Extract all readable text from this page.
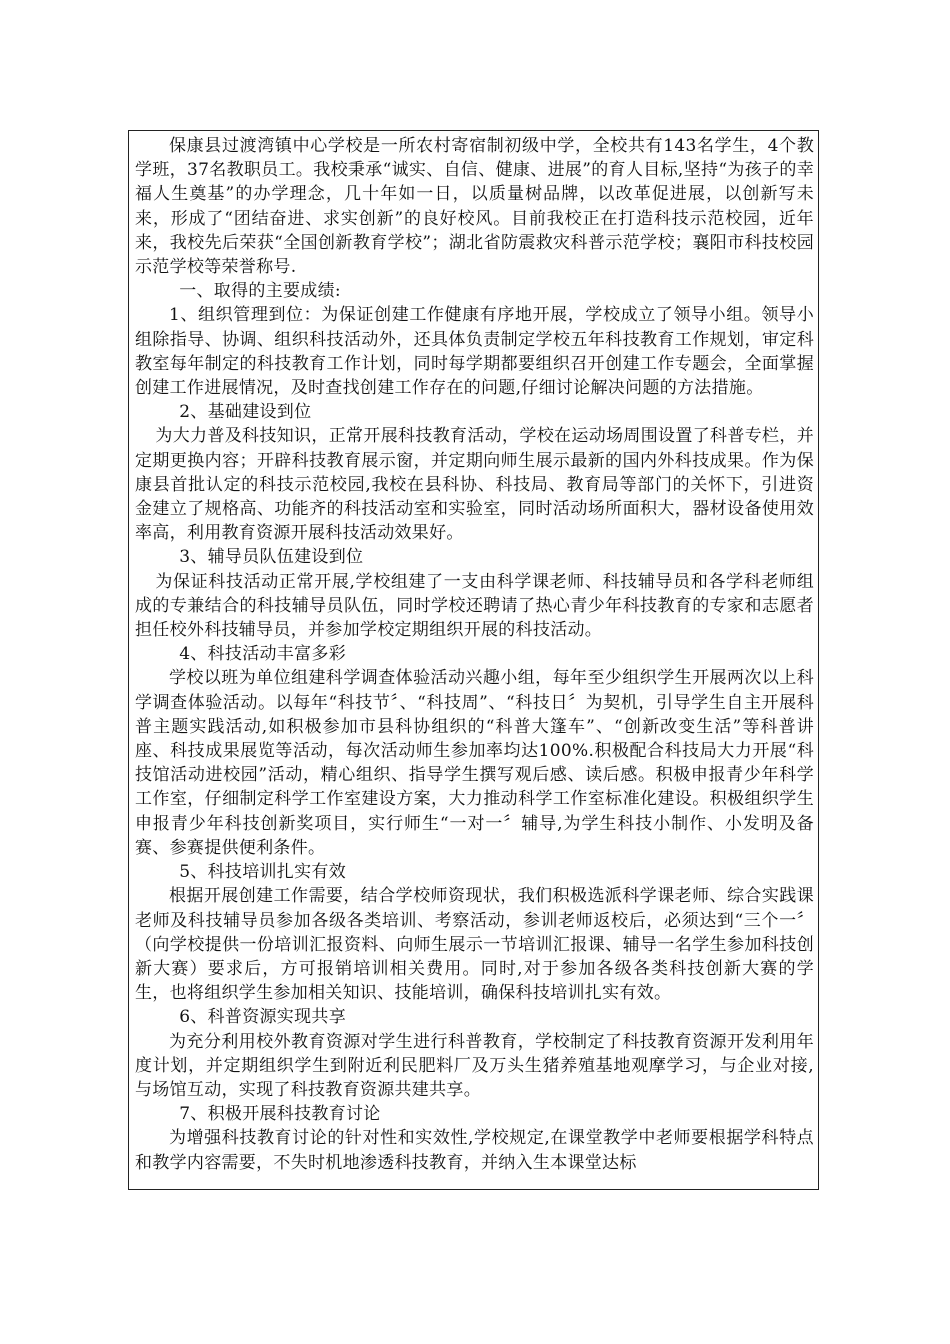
保康县过渡湾镇中心学校是一所农村寄宿制初级中学，全校共有143名学生，4个教学班，37名教职员工。我校秉承“诚实、自信、健康、进展”的育人目标,坚持“为孩子的幸福人生奠基”的办学理念，几十年如一日，以质量树品牌，以改革促进展，以创新写未来，形成了“团结奋进、求实创新”的良好校风。目前我校正在打造科技示范校园，近年来，我校先后荣获“全国创新教育学校”；湖北省防震救灾科普示范学校；襄阳市科技校园示范学校等荣誉称号.

一、取得的主要成绩:

1、组织管理到位：为保证创建工作健康有序地开展，学校成立了领导小组。领导小组除指导、协调、组织科技活动外，还具体负责制定学校五年科技教育工作规划，审定科教室每年制定的科技教育工作计划，同时每学期都要组织召开创建工作专题会，全面掌握创建工作进展情况，及时查找创建工作存在的问题,仔细讨论解决问题的方法措施。

2、基础建设到位

为大力普及科技知识，正常开展科技教育活动，学校在运动场周围设置了科普专栏，并定期更换内容；开辟科技教育展示窗，并定期向师生展示最新的国内外科技成果。作为保康县首批认定的科技示范校园,我校在县科协、科技局、教育局等部门的关怀下，引进资金建立了规格高、功能齐的科技活动室和实验室，同时活动场所面积大，器材设备使用效率高，利用教育资源开展科技活动效果好。

3、辅导员队伍建设到位

为保证科技活动正常开展,学校组建了一支由科学课老师、科技辅导员和各学科老师组成的专兼结合的科技辅导员队伍，同时学校还聘请了热心青少年科技教育的专家和志愿者担任校外科技辅导员，并参加学校定期组织开展的科技活动。

4、科技活动丰富多彩

学校以班为单位组建科学调查体验活动兴趣小组，每年至少组织学生开展两次以上科学调查体验活动。以每年“科技节〞、“科技周”、“科技日〞为契机，引导学生自主开展科普主题实践活动,如积极参加市县科协组织的“科普大篷车”、“创新改变生活”等科普讲座、科技成果展览等活动，每次活动师生参加率均达100%.积极配合科技局大力开展“科技馆活动进校园”活动，精心组织、指导学生撰写观后感、读后感。积极申报青少年科学工作室，仔细制定科学工作室建设方案，大力推动科学工作室标准化建设。积极组织学生申报青少年科技创新奖项目，实行师生“一对一〞辅导,为学生科技小制作、小发明及备赛、参赛提供便利条件。

5、科技培训扎实有效

根据开展创建工作需要，结合学校师资现状，我们积极选派科学课老师、综合实践课老师及科技辅导员参加各级各类培训、考察活动，参训老师返校后，必须达到“三个一〞（向学校提供一份培训汇报资料、向师生展示一节培训汇报课、辅导一名学生参加科技创新大赛）要求后，方可报销培训相关费用。同时,对于参加各级各类科技创新大赛的学生，也将组织学生参加相关知识、技能培训，确保科技培训扎实有效。

6、科普资源实现共享

为充分利用校外教育资源对学生进行科普教育，学校制定了科技教育资源开发利用年度计划，并定期组织学生到附近利民肥料厂及万头生猪养殖基地观摩学习，与企业对接,与场馆互动，实现了科技教育资源共建共享。

7、积极开展科技教育讨论

为增强科技教育讨论的针对性和实效性,学校规定,在课堂教学中老师要根据学科特点和教学内容需要，不失时机地渗透科技教育，并纳入生本课堂达标
